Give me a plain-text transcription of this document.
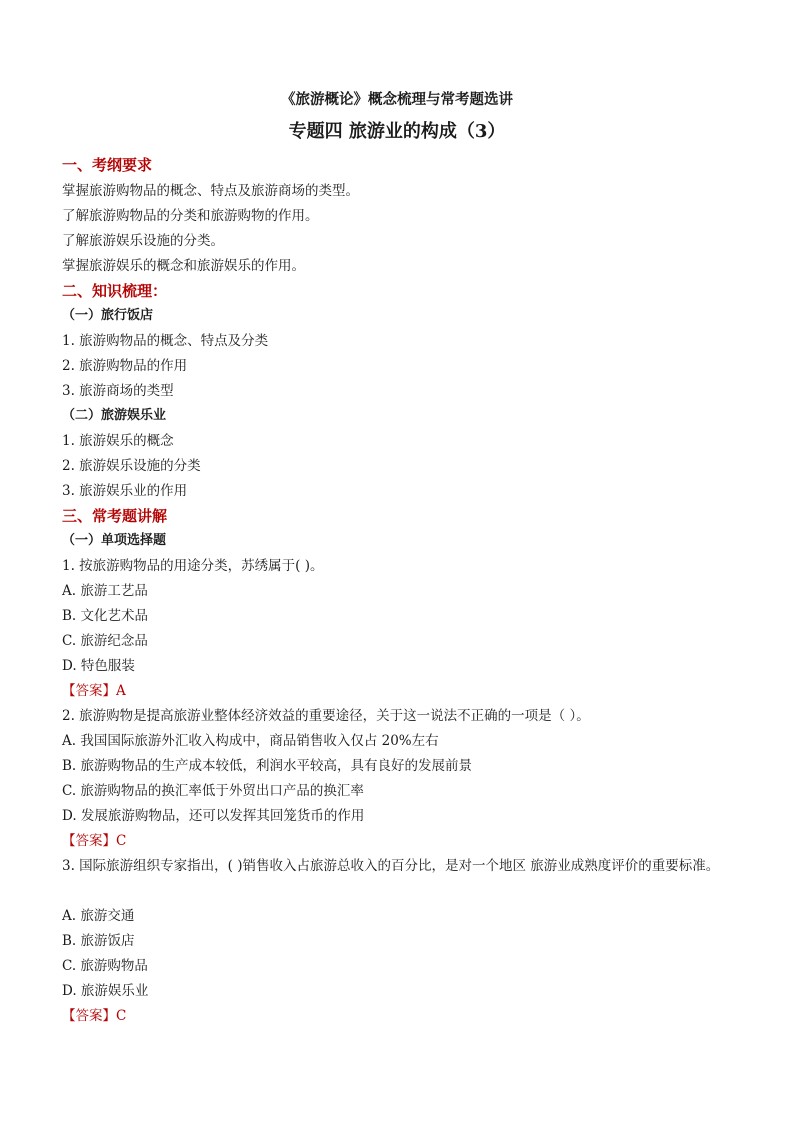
《旅游概论》概念梳理与常考题选讲
专题四 旅游业的构成（3）
一、考纲要求
掌握旅游购物品的概念、特点及旅游商场的类型。
了解旅游购物品的分类和旅游购物的作用。
了解旅游娱乐设施的分类。
掌握旅游娱乐的概念和旅游娱乐的作用。
二、知识梳理：
（一）旅行饭店
1. 旅游购物品的概念、特点及分类
2. 旅游购物品的作用
3. 旅游商场的类型
（二）旅游娱乐业
1. 旅游娱乐的概念
2. 旅游娱乐设施的分类
3. 旅游娱乐业的作用
三、常考题讲解
（一）单项选择题
1. 按旅游购物品的用途分类，苏绣属于( )。
A. 旅游工艺品
B. 文化艺术品
C. 旅游纪念品
D. 特色服装
【答案】A
2. 旅游购物是提高旅游业整体经济效益的重要途径，关于这一说法不正确的一项是（ ）。
A. 我国国际旅游外汇收入构成中，商品销售收入仅占 20%左右
B. 旅游购物品的生产成本较低，利润水平较高，具有良好的发展前景
C. 旅游购物品的换汇率低于外贸出口产品的换汇率
D. 发展旅游购物品，还可以发挥其回笼货币的作用
【答案】C
3. 国际旅游组织专家指出，( )销售收入占旅游总收入的百分比，是对一个地区 旅游业成熟度评价的重要标准。
A. 旅游交通
B. 旅游饭店
C. 旅游购物品
D. 旅游娱乐业
【答案】C
